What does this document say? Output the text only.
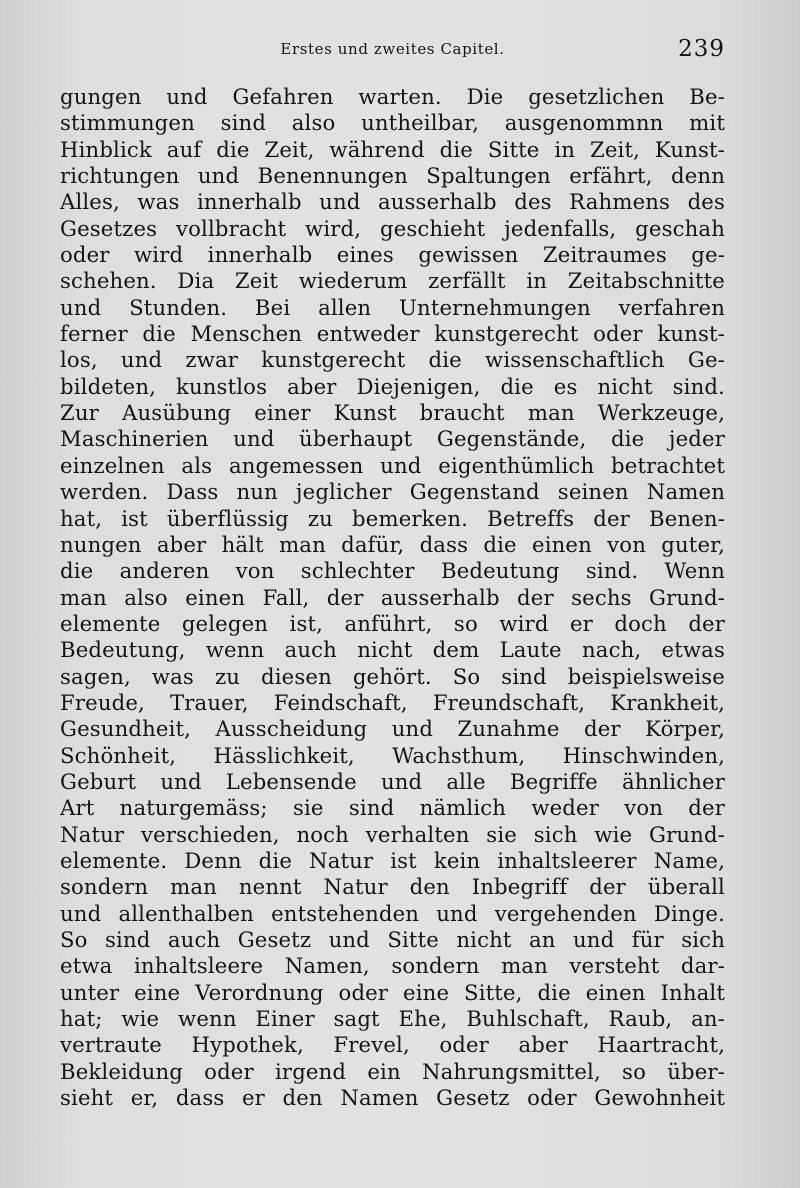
Erstes und zweites Capitel.	239
gungen und Gefahren warten. Die gesetzlichen Be-
stimmungen sind also untheilbar, ausgenommnn mit
Hinblick auf die Zeit, während die Sitte in Zeit, Kunst-
richtungen und Benennungen Spaltungen erfährt, denn
Alles, was innerhalb und ausserhalb des Rahmens des
Gesetzes vollbracht wird, geschieht jedenfalls, geschah
oder wird innerhalb eines gewissen Zeitraumes ge-
schehen. Dia Zeit wiederum zerfällt in Zeitabschnitte
und Stunden. Bei allen Unternehmungen verfahren
ferner die Menschen entweder kunstgerecht oder kunst-
los, und zwar kunstgerecht die wissenschaftlich Ge-
bildeten, kunstlos aber Diejenigen, die es nicht sind.
Zur Ausübung einer Kunst braucht man Werkzeuge,
Maschinerien und überhaupt Gegenstände, die jeder
einzelnen als angemessen und eigenthümlich betrachtet
werden. Dass nun jeglicher Gegenstand seinen Namen
hat, ist überflüssig zu bemerken. Betreffs der Benen-
nungen aber hält man dafür, dass die einen von guter,
die anderen von schlechter Bedeutung sind. Wenn
man also einen Fall, der ausserhalb der sechs Grund-
elemente gelegen ist, anführt, so wird er doch der
Bedeutung, wenn auch nicht dem Laute nach, etwas
sagen, was zu diesen gehört. So sind beispielsweise
Freude, Trauer, Feindschaft, Freundschaft, Krankheit,
Gesundheit, Ausscheidung und Zunahme der Körper,
Schönheit, Hässlichkeit, Wachsthum, Hinschwinden,
Geburt und Lebensende und alle Begriffe ähnlicher
Art naturgemäss; sie sind nämlich weder von der
Natur verschieden, noch verhalten sie sich wie Grund-
elemente. Denn die Natur ist kein inhaltsleerer Name,
sondern man nennt Natur den Inbegriff der überall
und allenthalben entstehenden und vergehenden Dinge.
So sind auch Gesetz und Sitte nicht an und für sich
etwa inhaltsleere Namen, sondern man versteht dar-
unter eine Verordnung oder eine Sitte, die einen Inhalt
hat; wie wenn Einer sagt Ehe, Buhlschaft, Raub, an-
vertraute Hypothek, Frevel, oder aber Haartracht,
Bekleidung oder irgend ein Nahrungsmittel, so über-
sieht er, dass er den Namen Gesetz oder Gewohnheit
